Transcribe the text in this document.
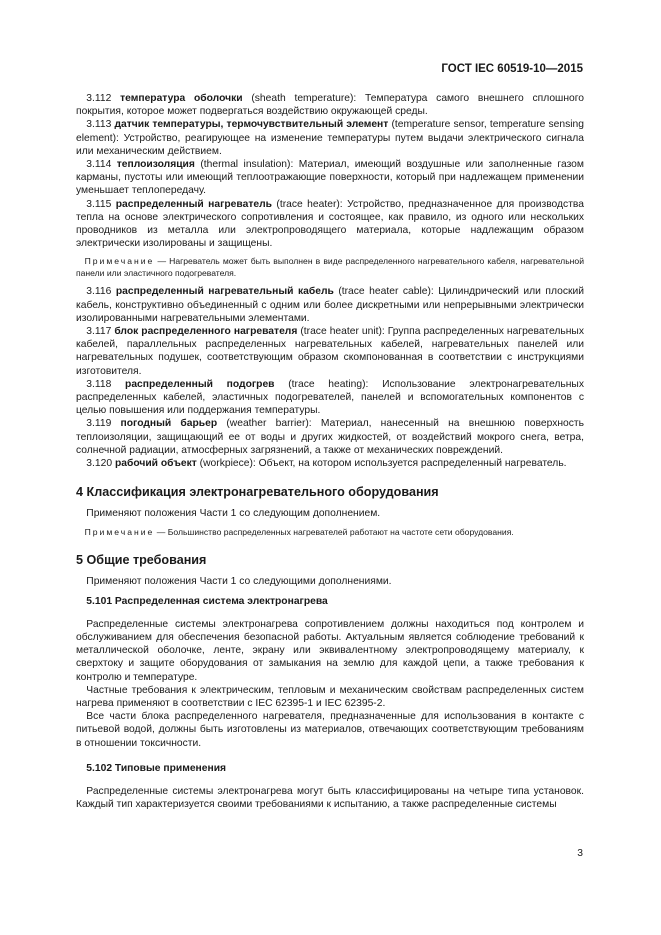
ГОСТ IEC 60519-10—2015

3.112 температура оболочки (sheath temperature): Температура самого внешнего сплошного покрытия, которое может подвергаться воздействию окружающей среды.

3.113 датчик температуры, термочувствительный элемент (temperature sensor, temperature sensing element): Устройство, реагирующее на изменение температуры путем выдачи электрического сигнала или механическим действием.

3.114 теплоизоляция (thermal insulation): Материал, имеющий воздушные или заполненные газом карманы, пустоты или имеющий теплоотражающие поверхности, который при надлежащем применении уменьшает теплопередачу.

3.115 распределенный нагреватель (trace heater): Устройство, предназначенное для производства тепла на основе электрического сопротивления и состоящее, как правило, из одного или нескольких проводников из металла или электропроводящего материала, которые надлежащим образом электрически изолированы и защищены.

Примечание — Нагреватель может быть выполнен в виде распределенного нагревательного кабеля, нагревательной панели или эластичного подогревателя.

3.116 распределенный нагревательный кабель (trace heater cable): Цилиндрический или плоский кабель, конструктивно объединенный с одним или более дискретными или непрерывными электрически изолированными нагревательными элементами.

3.117 блок распределенного нагревателя (trace heater unit): Группа распределенных нагревательных кабелей, параллельных распределенных нагревательных кабелей, нагревательных панелей или нагревательных подушек, соответствующим образом скомпонованная в соответствии с инструкциями изготовителя.

3.118 распределенный подогрев (trace heating): Использование электронагревательных распределенных кабелей, эластичных подогревателей, панелей и вспомогательных компонентов с целью повышения или поддержания температуры.

3.119 погодный барьер (weather barrier): Материал, нанесенный на внешнюю поверхность теплоизоляции, защищающий ее от воды и других жидкостей, от воздействий мокрого снега, ветра, солнечной радиации, атмосферных загрязнений, а также от механических повреждений.

3.120 рабочий объект (workpiece): Объект, на котором используется распределенный нагреватель.

4 Классификация электронагревательного оборудования

Применяют положения Части 1 со следующим дополнением.

Примечание — Большинство распределенных нагревателей работают на частоте сети оборудования.

5 Общие требования

Применяют положения Части 1 со следующими дополнениями.

5.101 Распределенная система электронагрева

Распределенные системы электронагрева сопротивлением должны находиться под контролем и обслуживанием для обеспечения безопасной работы. Актуальным является соблюдение требований к металлической оболочке, ленте, экрану или эквивалентному электропроводящему материалу, к сверхтоку и защите оборудования от замыкания на землю для каждой цепи, а также требования к контролю и температуре.

Частные требования к электрическим, тепловым и механическим свойствам распределенных систем нагрева применяют в соответствии с IEC 62395-1 и IEC 62395-2.

Все части блока распределенного нагревателя, предназначенные для использования в контакте с питьевой водой, должны быть изготовлены из материалов, отвечающих соответствующим требованиям в отношении токсичности.

5.102 Типовые применения

Распределенные системы электронагрева могут быть классифицированы на четыре типа установок. Каждый тип характеризуется своими требованиями к испытанию, а также распределенные системы

3
